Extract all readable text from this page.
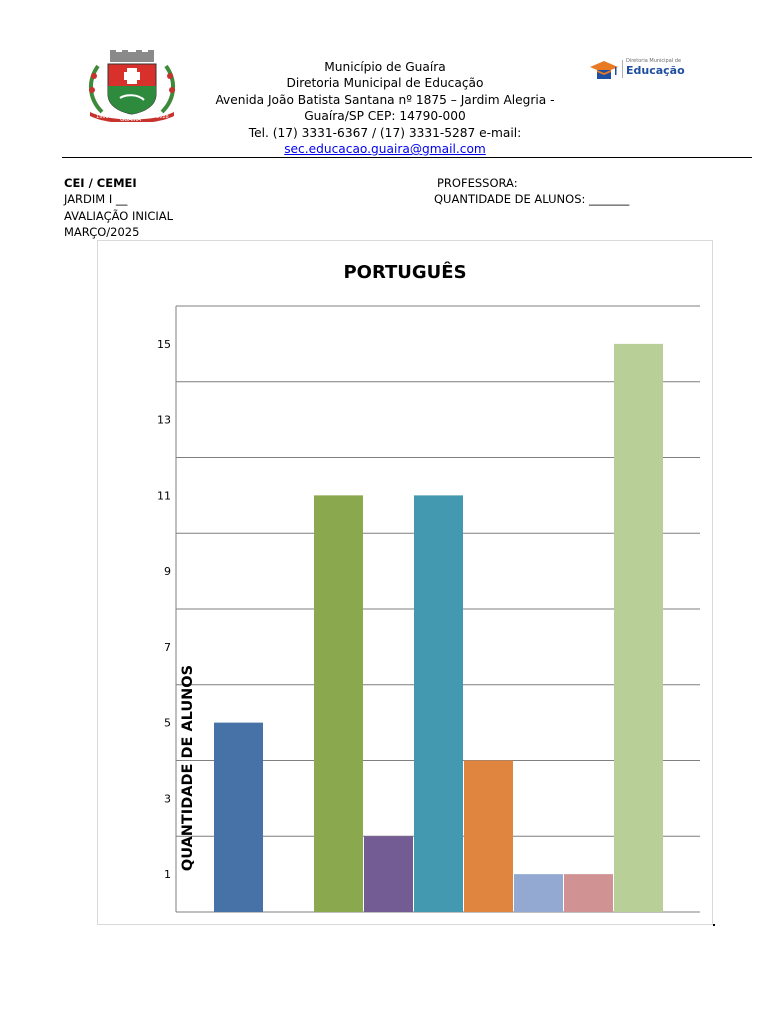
1908 GUAÍRA	1928
Diretoria Municipal de
Educação
Município de Guaíra
Diretoria Municipal de Educação
Avenida João Batista Santana nº 1875 – Jardim Alegria -
Guaíra/SP CEP: 14790-000
Tel. (17) 3331-6367 / (17) 3331-5287 e-mail:
sec.educacao.guaira@gmail.com
CEI / CEMEI
JARDIM I __
AVALIAÇÃO INICIAL
MARÇO/2025
PROFESSORA:
QUANTIDADE DE ALUNOS: _______
PORTUGUÊS
1
3
5
7
9
11
13
15
QUANTIDADE DE ALUNOS
